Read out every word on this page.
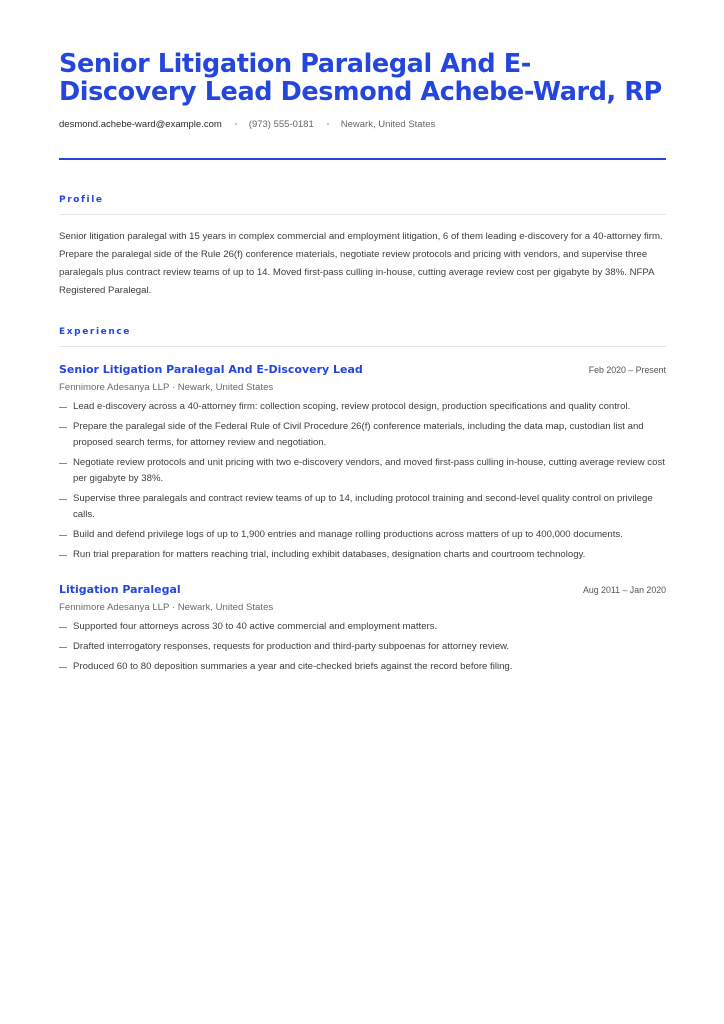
Senior Litigation Paralegal And E-Discovery Lead Desmond Achebe-Ward, RP
desmond.achebe-ward@example.com	(973) 555-0181	Newark, United States
Profile

Senior litigation paralegal with 15 years in complex commercial and employment litigation, 6 of them leading e-discovery for a 40-attorney firm. Prepare the paralegal side of the Rule 26(f) conference materials, negotiate review protocols and pricing with vendors, and supervise three paralegals plus contract review teams of up to 14. Moved first-pass culling in-house, cutting average review cost per gigabyte by 38%. NFPA Registered Paralegal.

Experience
Senior Litigation Paralegal And E-Discovery Lead	Feb 2020 – Present
Fennimore Adesanya LLP · Newark, United States
Lead e-discovery across a 40-attorney firm: collection scoping, review protocol design, production specifications and quality control.
Prepare the paralegal side of the Federal Rule of Civil Procedure 26(f) conference materials, including the data map, custodian list and proposed search terms, for attorney review and negotiation.
Negotiate review protocols and unit pricing with two e-discovery vendors, and moved first-pass culling in-house, cutting average review cost per gigabyte by 38%.
Supervise three paralegals and contract review teams of up to 14, including protocol training and second-level quality control on privilege calls.
Build and defend privilege logs of up to 1,900 entries and manage rolling productions across matters of up to 400,000 documents.
Run trial preparation for matters reaching trial, including exhibit databases, designation charts and courtroom technology.
Litigation Paralegal	Aug 2011 – Jan 2020
Fennimore Adesanya LLP · Newark, United States
Supported four attorneys across 30 to 40 active commercial and employment matters.
Drafted interrogatory responses, requests for production and third-party subpoenas for attorney review.
Produced 60 to 80 deposition summaries a year and cite-checked briefs against the record before filing.
